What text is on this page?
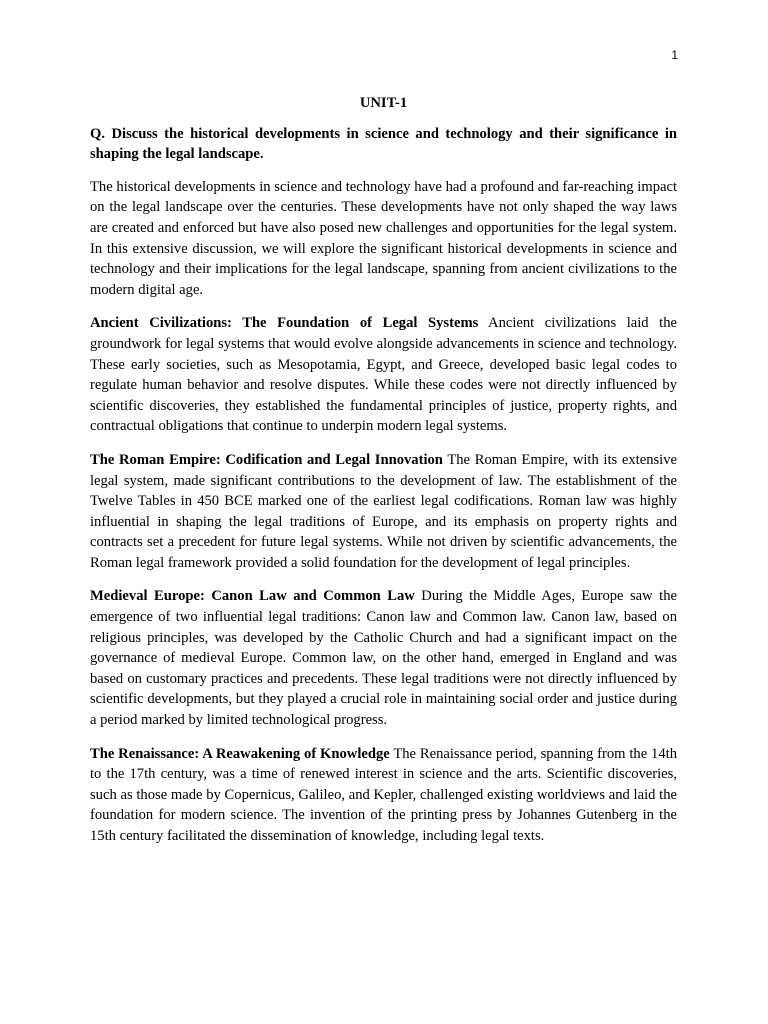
1
UNIT-1

Q. Discuss the historical developments in science and technology and their significance in shaping the legal landscape.

The historical developments in science and technology have had a profound and far-reaching impact on the legal landscape over the centuries. These developments have not only shaped the way laws are created and enforced but have also posed new challenges and opportunities for the legal system. In this extensive discussion, we will explore the significant historical developments in science and technology and their implications for the legal landscape, spanning from ancient civilizations to the modern digital age.

Ancient Civilizations: The Foundation of Legal Systems Ancient civilizations laid the groundwork for legal systems that would evolve alongside advancements in science and technology. These early societies, such as Mesopotamia, Egypt, and Greece, developed basic legal codes to regulate human behavior and resolve disputes. While these codes were not directly influenced by scientific discoveries, they established the fundamental principles of justice, property rights, and contractual obligations that continue to underpin modern legal systems.

The Roman Empire: Codification and Legal Innovation The Roman Empire, with its extensive legal system, made significant contributions to the development of law. The establishment of the Twelve Tables in 450 BCE marked one of the earliest legal codifications. Roman law was highly influential in shaping the legal traditions of Europe, and its emphasis on property rights and contracts set a precedent for future legal systems. While not driven by scientific advancements, the Roman legal framework provided a solid foundation for the development of legal principles.

Medieval Europe: Canon Law and Common Law During the Middle Ages, Europe saw the emergence of two influential legal traditions: Canon law and Common law. Canon law, based on religious principles, was developed by the Catholic Church and had a significant impact on the governance of medieval Europe. Common law, on the other hand, emerged in England and was based on customary practices and precedents. These legal traditions were not directly influenced by scientific developments, but they played a crucial role in maintaining social order and justice during a period marked by limited technological progress.

The Renaissance: A Reawakening of Knowledge The Renaissance period, spanning from the 14th to the 17th century, was a time of renewed interest in science and the arts. Scientific discoveries, such as those made by Copernicus, Galileo, and Kepler, challenged existing worldviews and laid the foundation for modern science. The invention of the printing press by Johannes Gutenberg in the 15th century facilitated the dissemination of knowledge, including legal texts.
